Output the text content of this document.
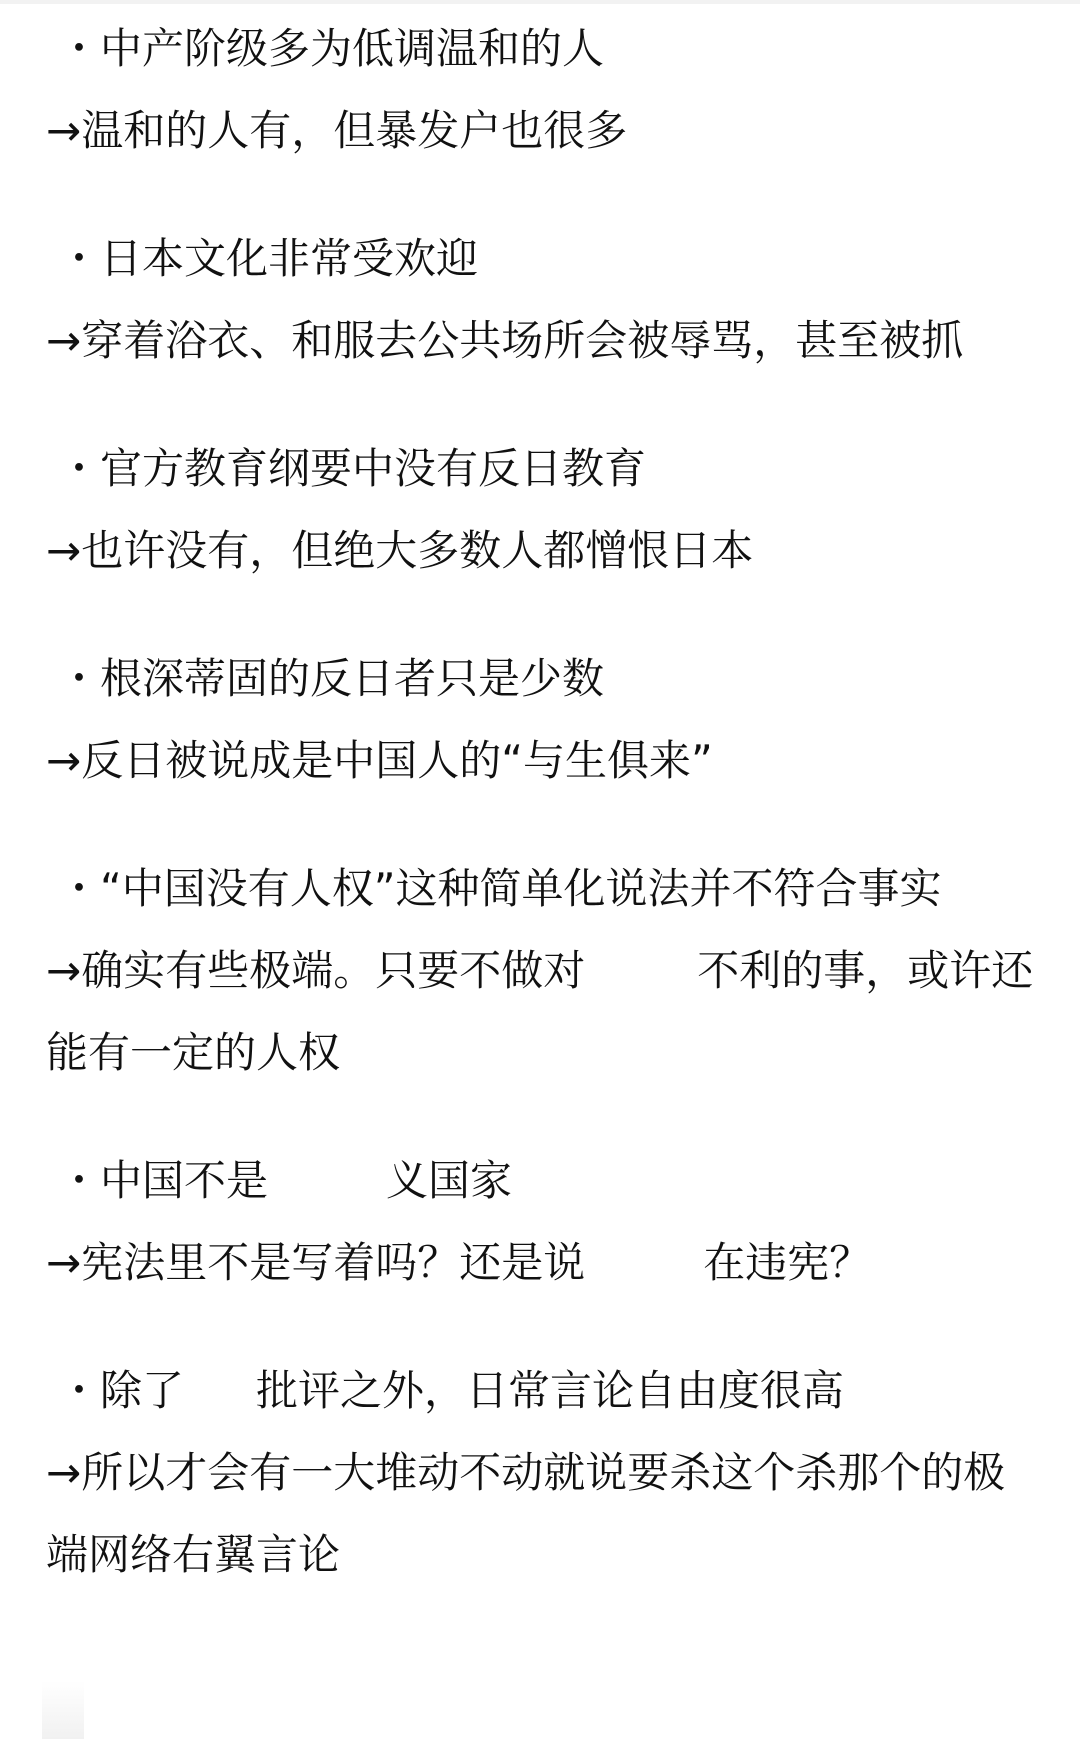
・中产阶级多为低调温和的人
→温和的人有，但暴发户也很多
・日本文化非常受欢迎
→穿着浴衣、和服去公共场所会被辱骂，甚至被抓
・官方教育纲要中没有反日教育
→也许没有，但绝大多数人都憎恨日本
・根深蒂固的反日者只是少数
→反日被说成是中国人的“与生俱来”
・“中国没有人权”这种简单化说法并不符合事实
→确实有些极端。只要不做对	不利的事，或许还能有一定的人权
・中国不是	义国家
→宪法里不是写着吗？还是说	在违宪？
・除了 批评之外，日常言论自由度很高
→所以才会有一大堆动不动就说要杀这个杀那个的极端网络右翼言论
